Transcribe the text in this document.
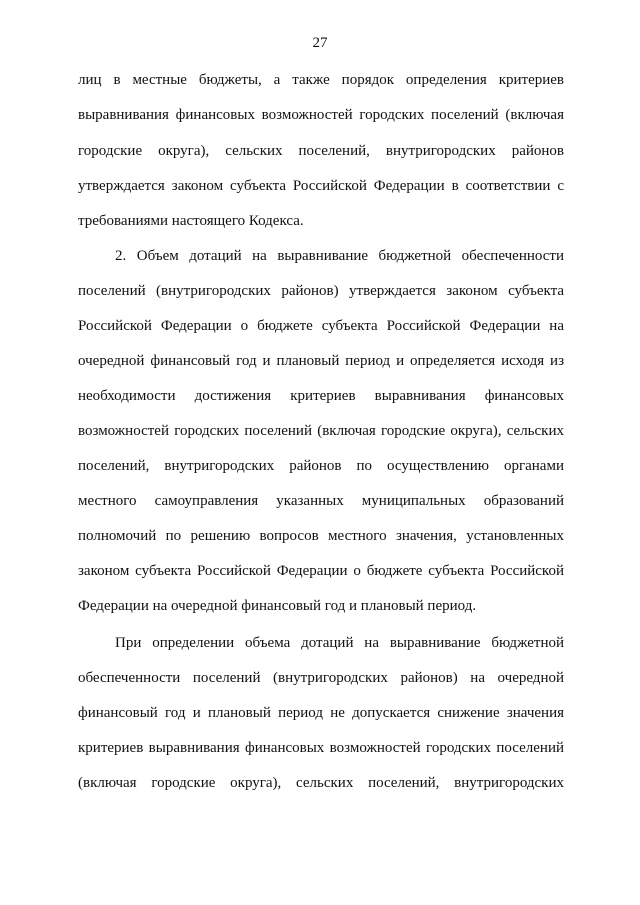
27
лиц в местные бюджеты, а также порядок определения критериев
выравнивания финансовых возможностей городских поселений (включая
городские округа), сельских поселений, внутригородских районов
утверждается законом субъекта Российской Федерации в соответствии с
требованиями настоящего Кодекса.
2. Объем дотаций на выравнивание бюджетной обеспеченности
поселений (внутригородских районов) утверждается законом субъекта
Российской Федерации о бюджете субъекта Российской Федерации на
очередной финансовый год и плановый период и определяется исходя из
необходимости достижения критериев выравнивания финансовых
возможностей городских поселений (включая городские округа), сельских
поселений, внутригородских районов по осуществлению органами
местного самоуправления указанных муниципальных образований
полномочий по решению вопросов местного значения, установленных
законом субъекта Российской Федерации о бюджете субъекта Российской
Федерации на очередной финансовый год и плановый период.
При определении объема дотаций на выравнивание бюджетной
обеспеченности поселений (внутригородских районов) на очередной
финансовый год и плановый период не допускается снижение значения
критериев выравнивания финансовых возможностей городских поселений
(включая городские округа), сельских поселений, внутригородских
